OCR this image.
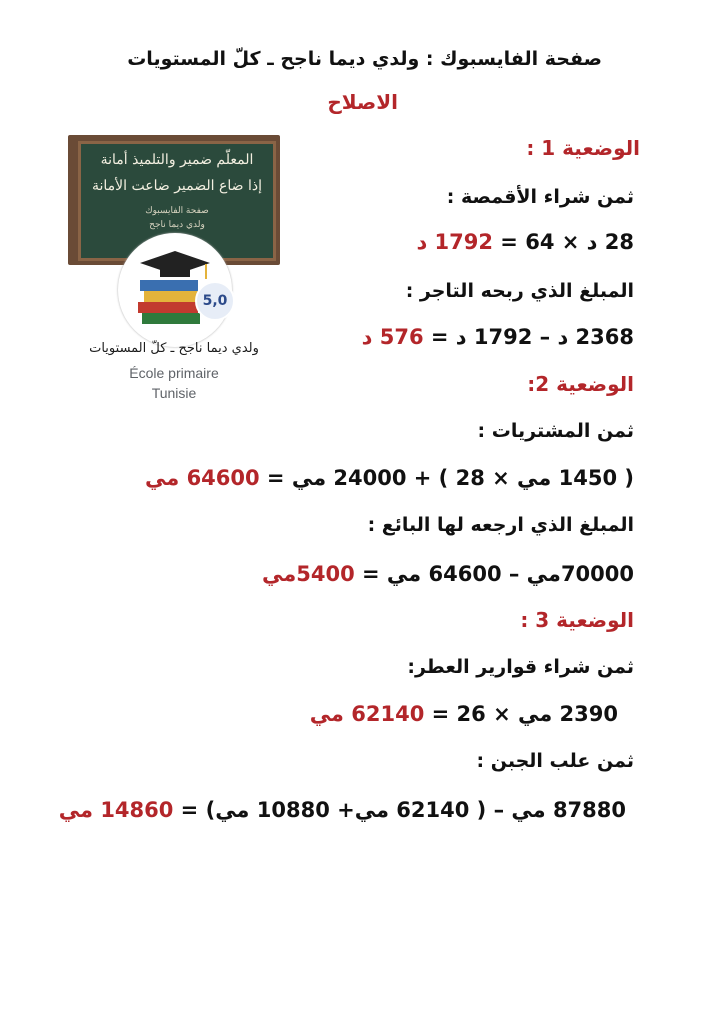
صفحة الفايسبوك : ولدي ديما ناجح ـ كلّ المستويات
الاصلاح
المعلّم ضمير والتلميذ أمانة
إذا ضاع الضمير ضاعت الأمانة
صفحة الفايسبوك
ولدي ديما ناجح
5,0
ولدي ديما ناجح ـ كلّ المستويات
École primaire
Tunisie
الوضعية 1 :
ثمن شراء الأقمصة :
28 د × 64 = 1792 د
المبلغ الذي ربحه التاجر :
2368 د – 1792 د = 576 د
الوضعية 2:
ثمن المشتريات :
( 1450 مي × 28 ) + 24000 مي = 64600 مي
المبلغ الذي ارجعه لها البائع :
70000مي – 64600 مي = 5400مي
الوضعية 3 :
ثمن شراء قوارير العطر:
2390 مي × 26 = 62140 مي
ثمن علب الجبن :
87880 مي – ( 62140 مي+ 10880 مي) = 14860 مي
